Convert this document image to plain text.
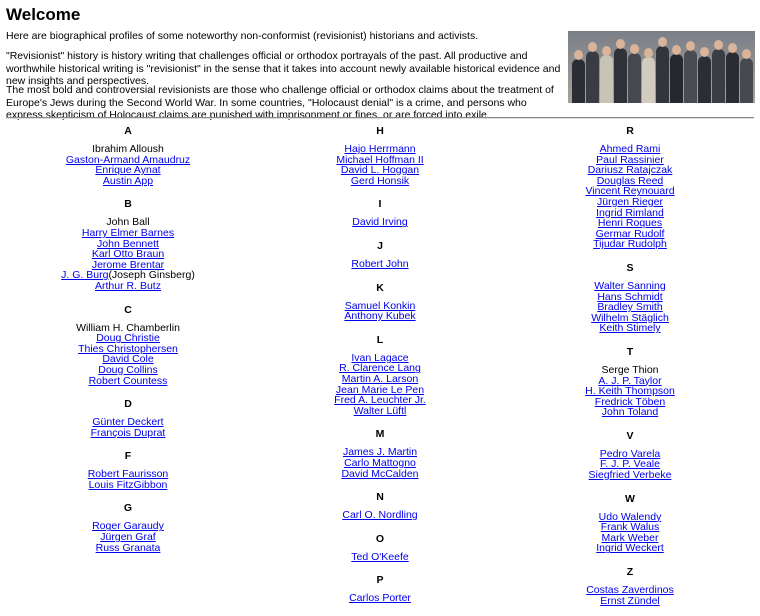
Welcome

Here are biographical profiles of some noteworthy non-conformist (revisionist) historians and activists.

"Revisionist" history is history writing that challenges official or orthodox portrayals of the past. All productive and worthwhile historical writing is "revisionist" in the sense that it takes into account newly available historical evidence and new insights and perspectives.

The most bold and controversial revisionists are those who challenge official or orthodox claims about the treatment of Europe's Jews during the Second World War. In some countries, "Holocaust denial" is a crime, and persons who express skepticism of Holocaust claims are punished with imprisonment or fines, or are forced into exile.

A
Ibrahim Alloush
Gaston-Armand Amaudruz
Enrique Aynat
Austin App
B
John Ball
Harry Elmer Barnes
John Bennett
Karl Otto Braun
Jerome Brentar
J. G. Burg(Joseph Ginsberg)
Arthur R. Butz
C
William H. Chamberlin
Doug Christie
Thies Christophersen
David Cole
Doug Collins
Robert Countess
D
Günter Deckert
François Duprat
F
Robert Faurisson
Louis FitzGibbon
G
Roger Garaudy
Jürgen Graf
Russ Granata
H
Hajo Herrmann
Michael Hoffman II
David L. Hoggan
Gerd Honsik
I
David Irving
J
Robert John
K
Samuel Konkin
Anthony Kubek
L
Ivan Lagace
R. Clarence Lang
Martin A. Larson
Jean Marie Le Pen
Fred A. Leuchter Jr.
Walter Lüftl
M
James J. Martin
Carlo Mattogno
David McCalden
N
Carl O. Nordling
O
Ted O'Keefe
P
Carlos Porter
R
Ahmed Rami
Paul Rassinier
Dariusz Ratajczak
Douglas Reed
Vincent Reynouard
Jürgen Rieger
Ingrid Rimland
Henri Roques
Germar Rudolf
Tijudar Rudolph
S
Walter Sanning
Hans Schmidt
Bradley Smith
Wilhelm Stäglich
Keith Stimely
T
Serge Thion
A. J. P. Taylor
H. Keith Thompson
Fredrick Töben
John Toland
V
Pedro Varela
F. J. P. Veale
Siegfried Verbeke
W
Udo Walendy
Frank Walus
Mark Weber
Ingrid Weckert
Z
Costas Zaverdinos
Ernst Zündel
